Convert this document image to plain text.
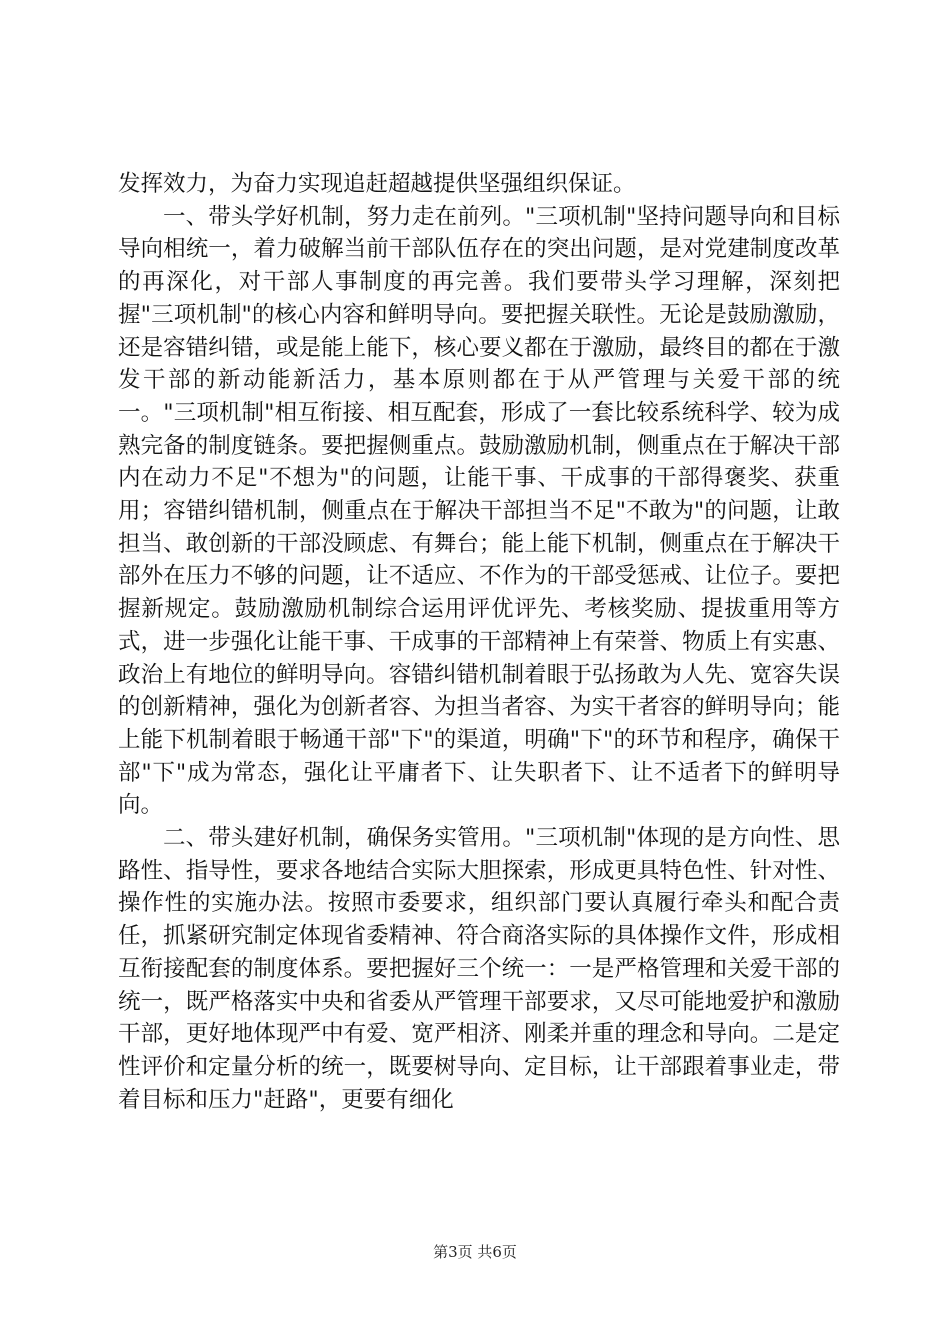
发挥效力，为奋力实现追赶超越提供坚强组织保证。

一、带头学好机制，努力走在前列。"三项机制"坚持问题导向和目标导向相统一，着力破解当前干部队伍存在的突出问题，是对党建制度改革的再深化，对干部人事制度的再完善。我们要带头学习理解，深刻把握"三项机制"的核心内容和鲜明导向。要把握关联性。无论是鼓励激励，还是容错纠错，或是能上能下，核心要义都在于激励，最终目的都在于激发干部的新动能新活力，基本原则都在于从严管理与关爱干部的统一。"三项机制"相互衔接、相互配套，形成了一套比较系统科学、较为成熟完备的制度链条。要把握侧重点。鼓励激励机制，侧重点在于解决干部内在动力不足"不想为"的问题，让能干事、干成事的干部得褒奖、获重用；容错纠错机制，侧重点在于解决干部担当不足"不敢为"的问题，让敢担当、敢创新的干部没顾虑、有舞台；能上能下机制，侧重点在于解决干部外在压力不够的问题，让不适应、不作为的干部受惩戒、让位子。要把握新规定。鼓励激励机制综合运用评优评先、考核奖励、提拔重用等方式，进一步强化让能干事、干成事的干部精神上有荣誉、物质上有实惠、政治上有地位的鲜明导向。容错纠错机制着眼于弘扬敢为人先、宽容失误的创新精神，强化为创新者容、为担当者容、为实干者容的鲜明导向；能上能下机制着眼于畅通干部"下"的渠道，明确"下"的环节和程序，确保干部"下"成为常态，强化让平庸者下、让失职者下、让不适者下的鲜明导向。

二、带头建好机制，确保务实管用。"三项机制"体现的是方向性、思路性、指导性，要求各地结合实际大胆探索，形成更具特色性、针对性、操作性的实施办法。按照市委要求，组织部门要认真履行牵头和配合责任，抓紧研究制定体现省委精神、符合商洛实际的具体操作文件，形成相互衔接配套的制度体系。要把握好三个统一：一是严格管理和关爱干部的统一，既严格落实中央和省委从严管理干部要求，又尽可能地爱护和激励干部，更好地体现严中有爱、宽严相济、刚柔并重的理念和导向。二是定性评价和定量分析的统一，既要树导向、定目标，让干部跟着事业走，带着目标和压力"赶路"，更要有细化

第3页 共6页
